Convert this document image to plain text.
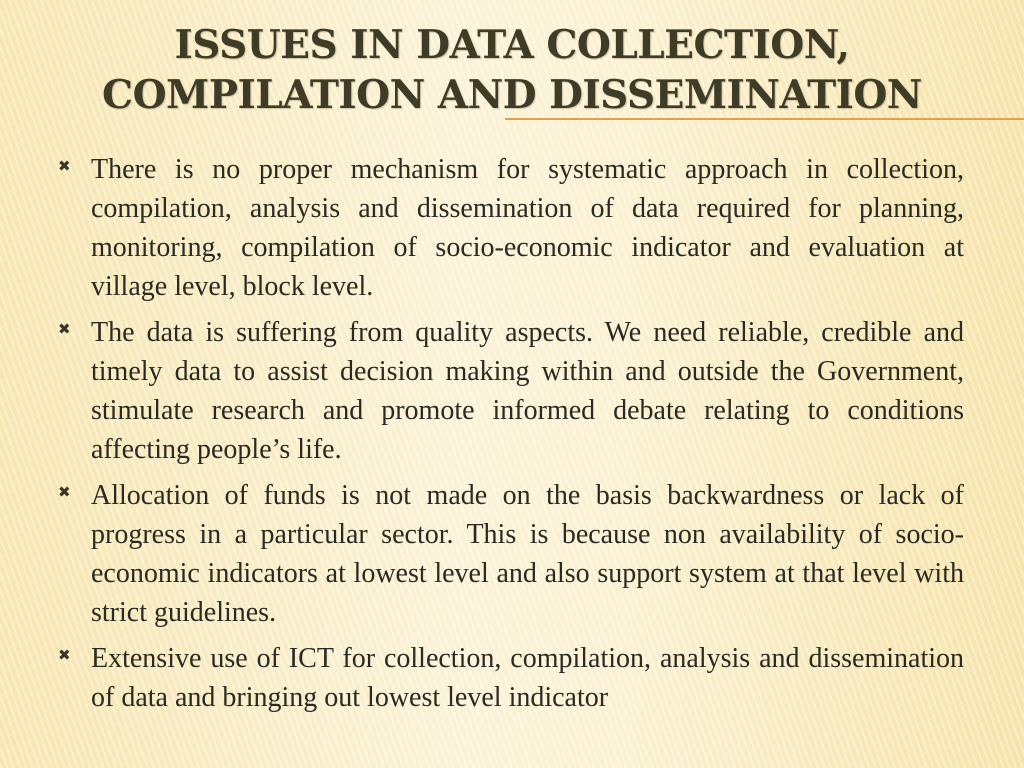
ISSUES IN DATA COLLECTION,
COMPILATION AND DISSEMINATION
✖ There is no proper mechanism for systematic approach in collection, compilation, analysis and dissemination of data required for planning, monitoring, compilation of socio-economic indicator and evaluation at village level, block level.
✖ The data is suffering from quality aspects. We need reliable, credible and timely data to assist decision making within and outside the Government, stimulate research and promote informed debate relating to conditions affecting people’s life.
✖ Allocation of funds is not made on the basis backwardness or lack of progress in a particular sector. This is because non availability of socio- economic indicators at lowest level and also support system at that level with strict guidelines.
✖ Extensive use of ICT for collection, compilation, analysis and dissemination of data and bringing out lowest level indicator
